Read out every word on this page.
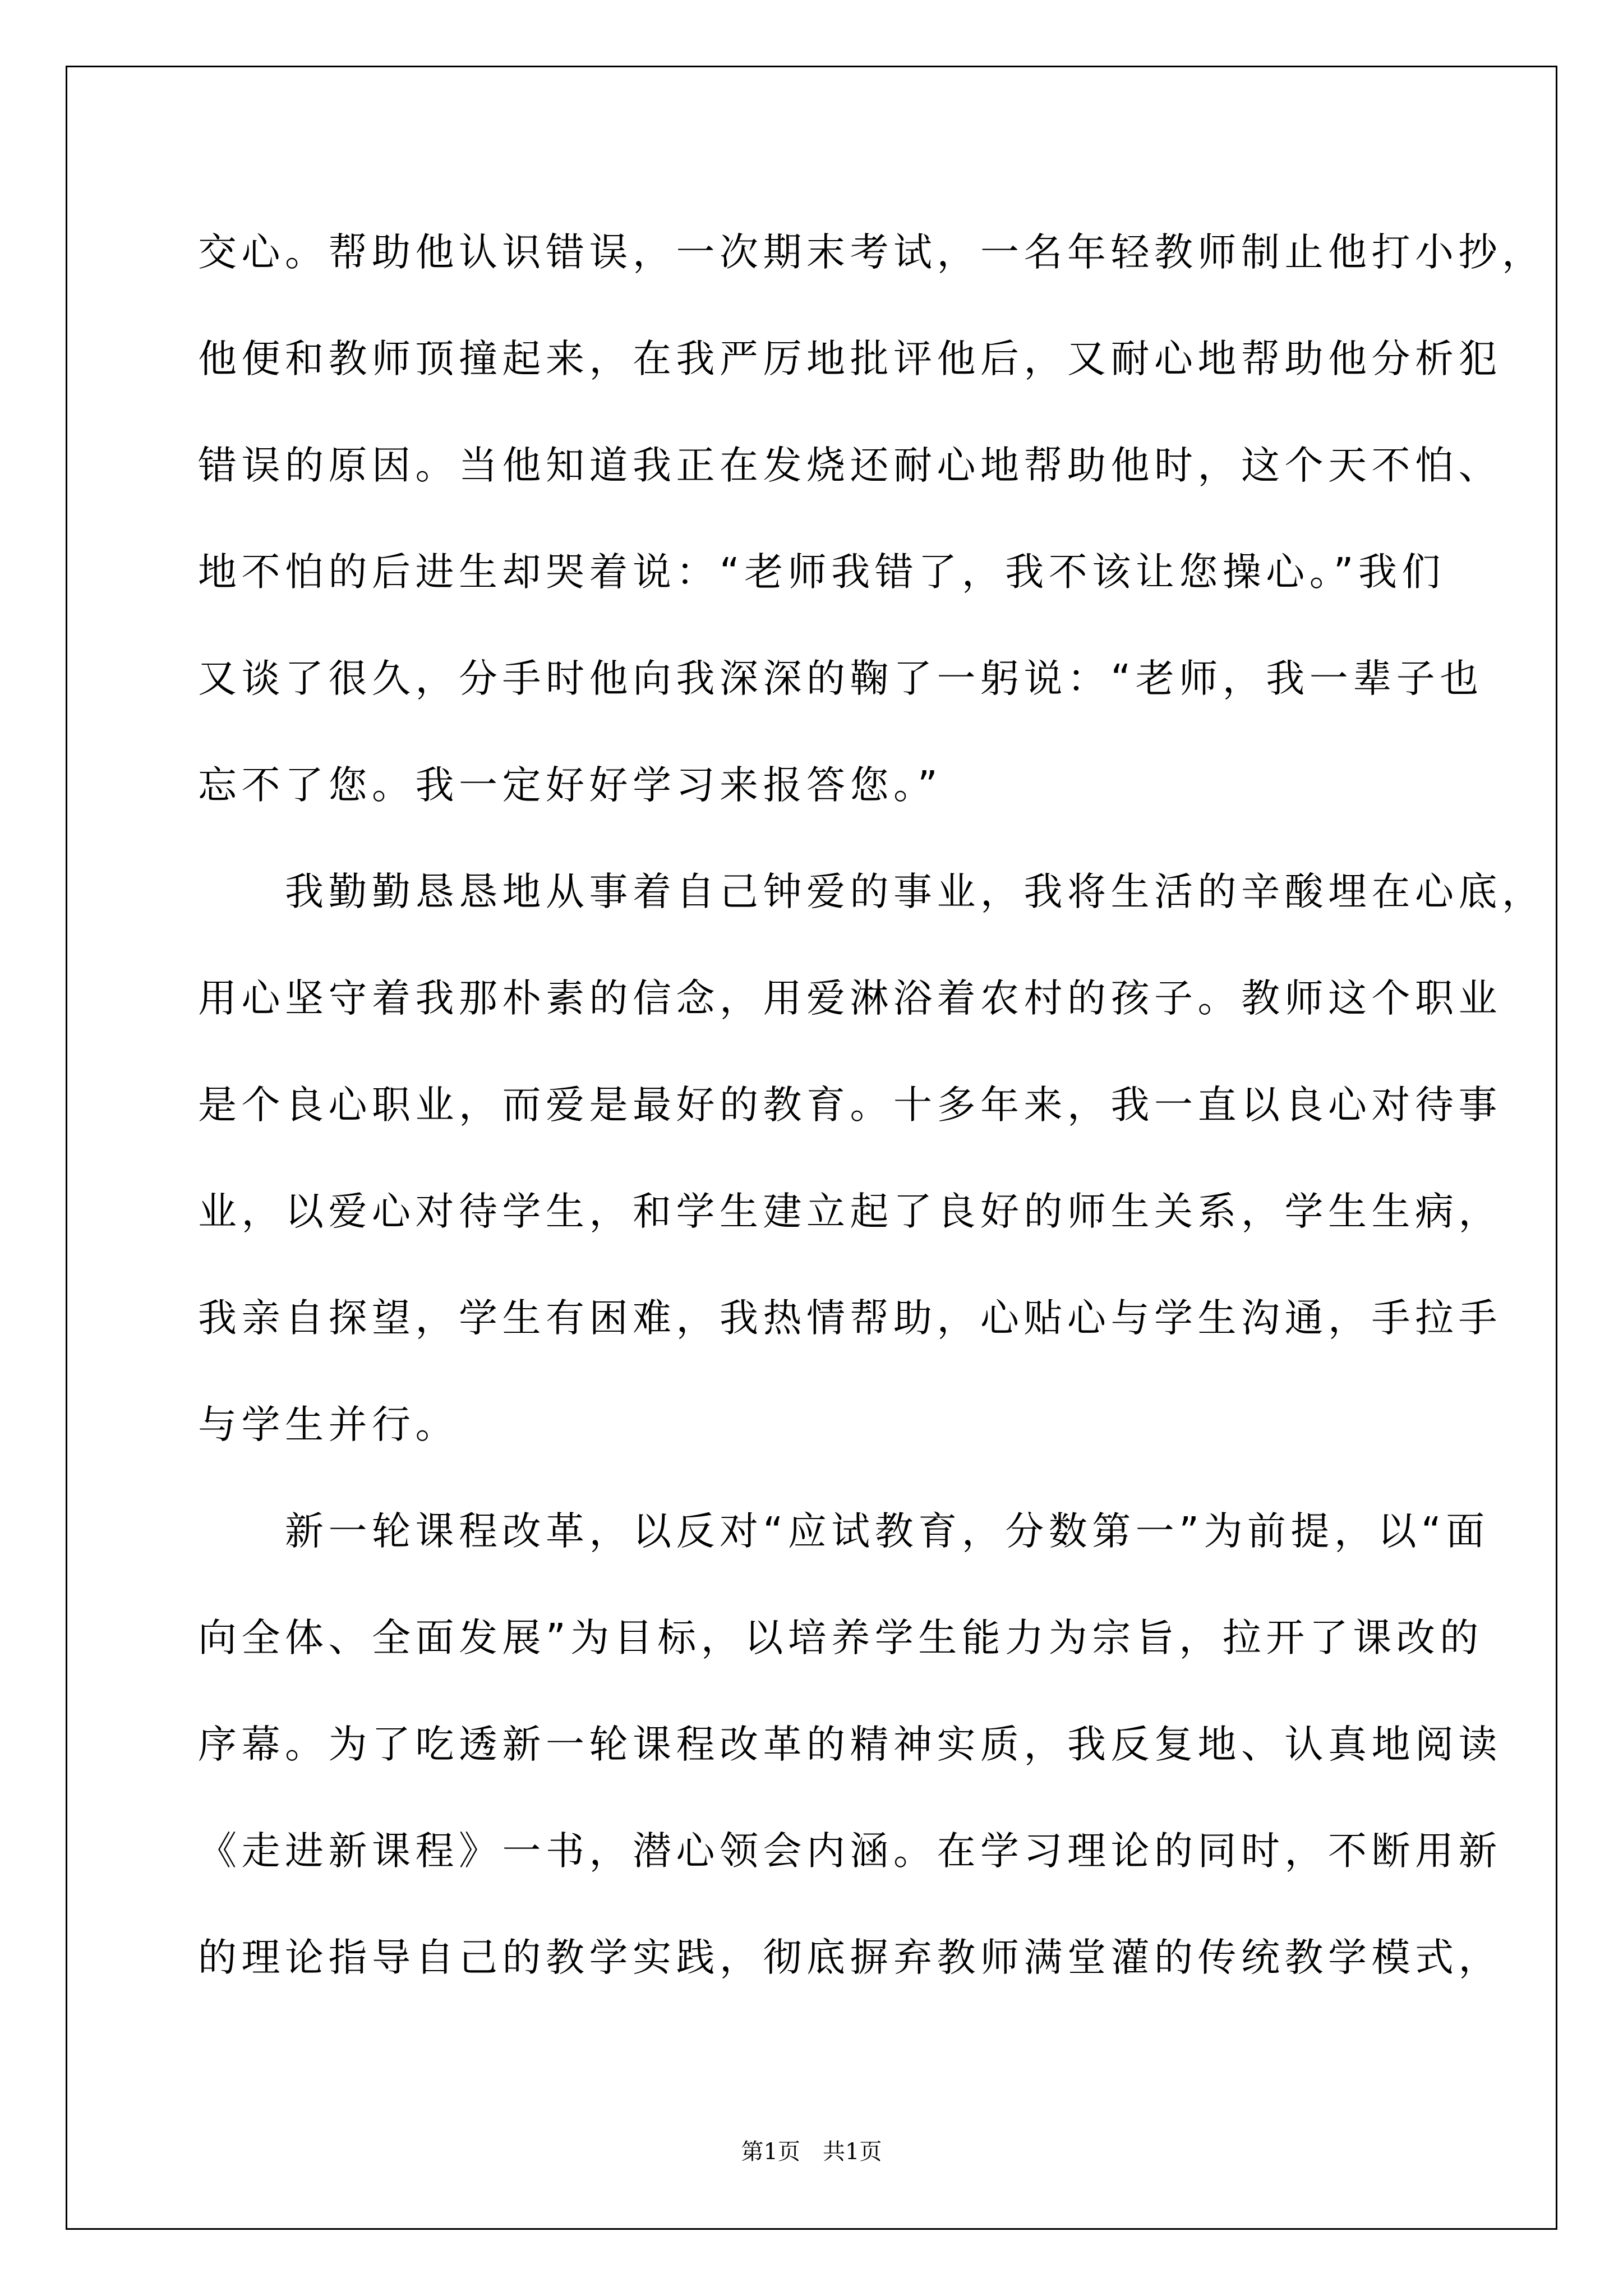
交心。帮助他认识错误，一次期末考试，一名年轻教师制止他打小抄，
他便和教师顶撞起来，在我严厉地批评他后，又耐心地帮助他分析犯
错误的原因。当他知道我正在发烧还耐心地帮助他时，这个天不怕、
地不怕的后进生却哭着说：“老师我错了，我不该让您操心。”我们
又谈了很久，分手时他向我深深的鞠了一躬说：“老师，我一辈子也
忘不了您。我一定好好学习来报答您。”
　　我勤勤恳恳地从事着自己钟爱的事业，我将生活的辛酸埋在心底，
用心坚守着我那朴素的信念，用爱淋浴着农村的孩子。教师这个职业
是个良心职业，而爱是最好的教育。十多年来，我一直以良心对待事
业，以爱心对待学生，和学生建立起了良好的师生关系，学生生病，
我亲自探望，学生有困难，我热情帮助，心贴心与学生沟通，手拉手
与学生并行。
　　新一轮课程改革，以反对“应试教育，分数第一”为前提，以“面
向全体、全面发展”为目标，以培养学生能力为宗旨，拉开了课改的
序幕。为了吃透新一轮课程改革的精神实质，我反复地、认真地阅读
《走进新课程》一书，潜心领会内涵。在学习理论的同时，不断用新
的理论指导自己的教学实践，彻底摒弃教师满堂灌的传统教学模式，
第1页　共1页
